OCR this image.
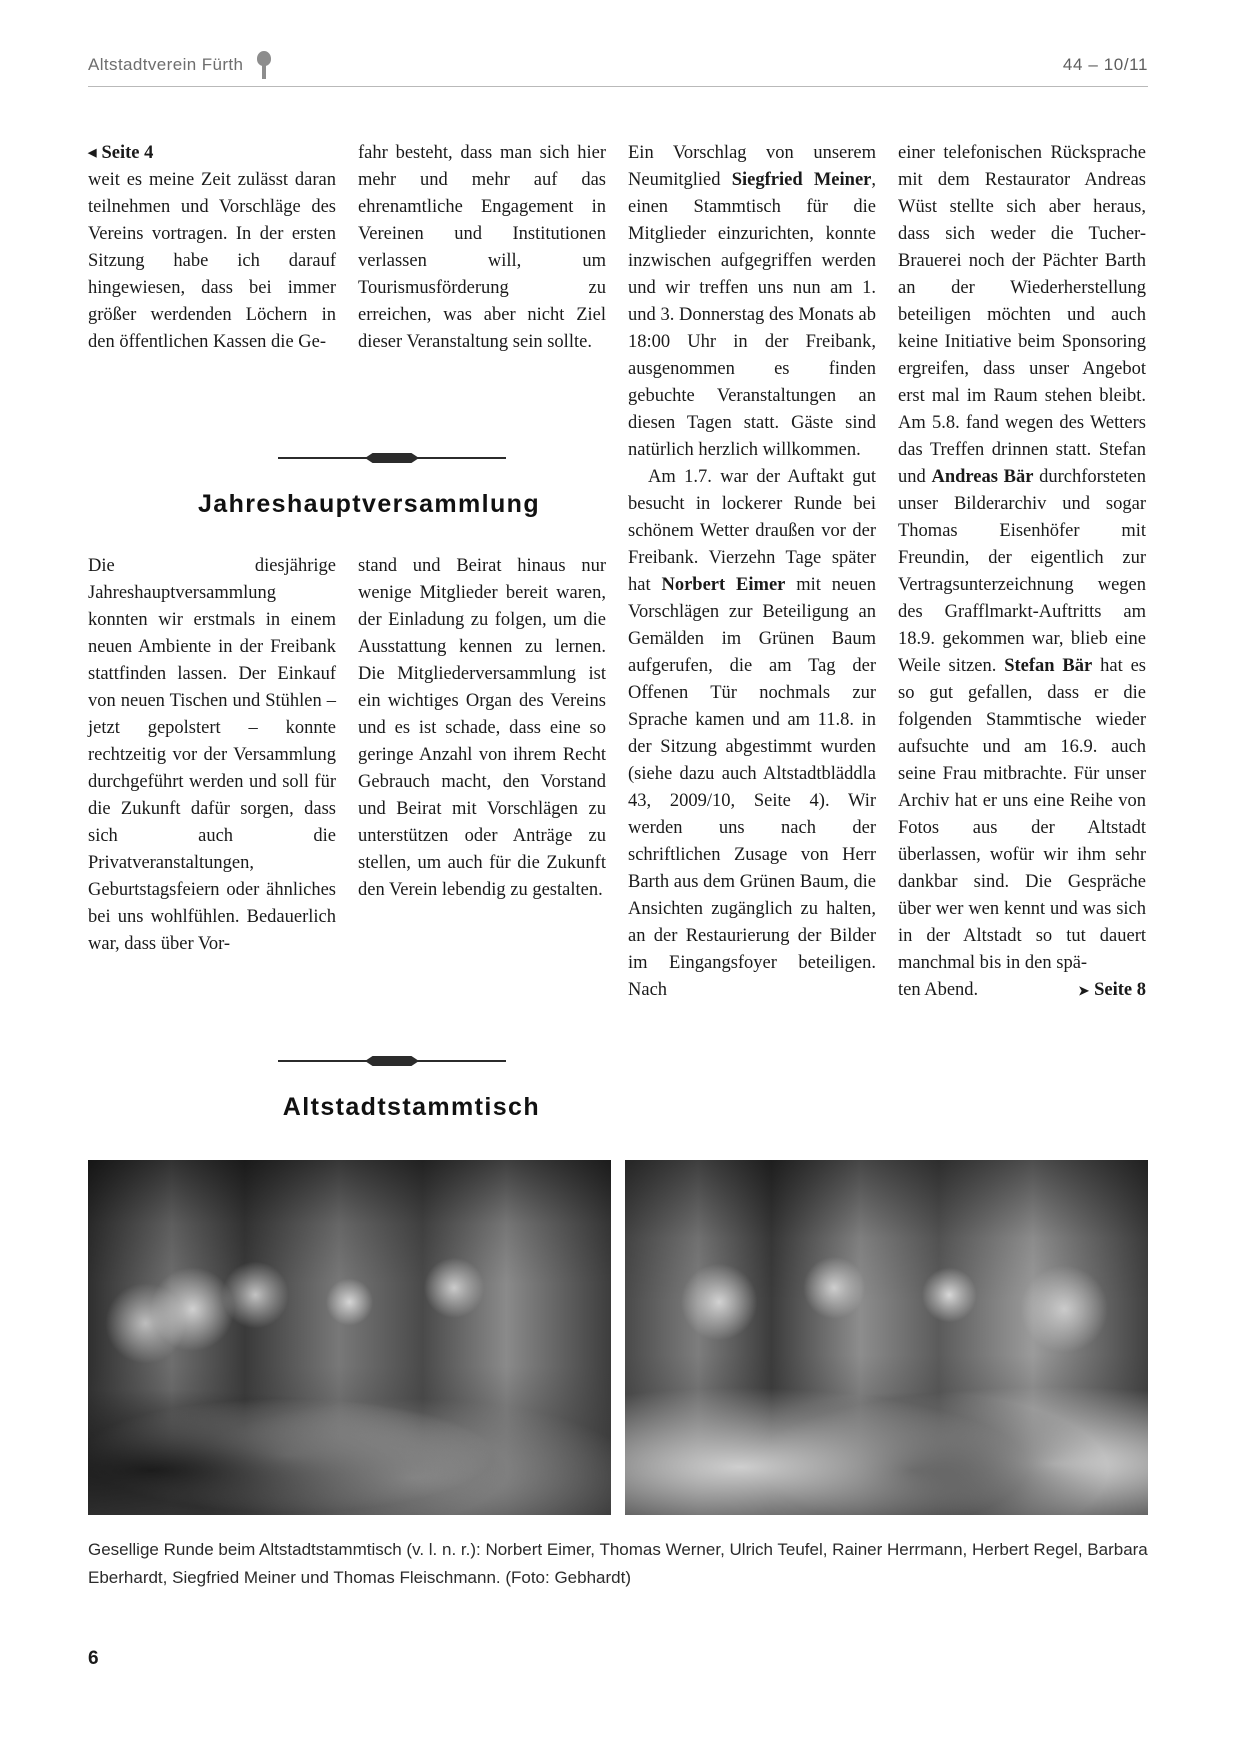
Altstadtverein Fürth	44 – 10/11

◀ Seite 4

weit es meine Zeit zulässt daran teilnehmen und Vorschläge des Vereins vortragen. In der ersten Sitzung habe ich darauf hingewiesen, dass bei immer größer werdenden Löchern in den öffentlichen Kassen die Ge-

fahr besteht, dass man sich hier mehr und mehr auf das ehrenamtliche Engagement in Vereinen und Institutionen verlassen will, um Tourismusförderung zu erreichen, was aber nicht Ziel dieser Veranstaltung sein sollte.

Jahreshauptversammlung

Die diesjährige Jahreshauptversammlung konnten wir erstmals in einem neuen Ambiente in der Freibank stattfinden lassen. Der Einkauf von neuen Tischen und Stühlen – jetzt gepolstert – konnte rechtzeitig vor der Versammlung durchgeführt werden und soll für die Zukunft dafür sorgen, dass sich auch die Privatveranstaltungen, Geburtstagsfeiern oder ähnliches bei uns wohlfühlen. Bedauerlich war, dass über Vor-

stand und Beirat hinaus nur wenige Mitglieder bereit waren, der Einladung zu folgen, um die Ausstattung kennen zu lernen. Die Mitgliederversammlung ist ein wichtiges Organ des Vereins und es ist schade, dass eine so geringe Anzahl von ihrem Recht Gebrauch macht, den Vorstand und Beirat mit Vorschlägen zu unterstützen oder Anträge zu stellen, um auch für die Zukunft den Verein lebendig zu gestalten.

Altstadtstammtisch

Ein Vorschlag von unserem Neumitglied Siegfried Meiner, einen Stammtisch für die Mitglieder einzurichten, konnte inzwischen aufgegriffen werden und wir treffen uns nun am 1. und 3. Donnerstag des Monats ab 18:00 Uhr in der Freibank, ausgenommen es finden gebuchte Veranstaltungen an diesen Tagen statt. Gäste sind natürlich herzlich willkommen.

Am 1.7. war der Auftakt gut besucht in lockerer Runde bei schönem Wetter draußen vor der Freibank. Vierzehn Tage später hat Norbert Eimer mit neuen Vorschlägen zur Beteiligung an Gemälden im Grünen Baum aufgerufen, die am Tag der Offenen Tür nochmals zur Sprache kamen und am 11.8. in der Sitzung abgestimmt wurden (siehe dazu auch Altstadtbläddla 43, 2009/10, Seite 4). Wir werden uns nach der schriftlichen Zusage von Herr Barth aus dem Grünen Baum, die Ansichten zugänglich zu halten, an der Restaurierung der Bilder im Eingangsfoyer beteiligen. Nach

einer telefonischen Rücksprache mit dem Restaurator Andreas Wüst stellte sich aber heraus, dass sich weder die Tucher-Brauerei noch der Pächter Barth an der Wiederherstellung beteiligen möchten und auch keine Initiative beim Sponsoring ergreifen, dass unser Angebot erst mal im Raum stehen bleibt. Am 5.8. fand wegen des Wetters das Treffen drinnen statt. Stefan und Andreas Bär durchforsteten unser Bilderarchiv und sogar Thomas Eisenhöfer mit Freundin, der eigentlich zur Vertragsunterzeichnung wegen des Grafflmarkt-Auftritts am 18.9. gekommen war, blieb eine Weile sitzen. Stefan Bär hat es so gut gefallen, dass er die folgenden Stammtische wieder aufsuchte und am 16.9. auch seine Frau mitbrachte. Für unser Archiv hat er uns eine Reihe von Fotos aus der Altstadt überlassen, wofür wir ihm sehr dankbar sind. Die Gespräche über wer wen kennt und was sich in der Altstadt so tut dauert manchmal bis in den spä-

ten Abend.	➤ Seite 8
Gesellige Runde beim Altstadtstammtisch (v. l. n. r.): Norbert Eimer, Thomas Werner, Ulrich Teufel, Rainer Herrmann, Herbert Regel, Barbara Eberhardt, Siegfried Meiner und Thomas Fleischmann. (Foto: Gebhardt)
6
